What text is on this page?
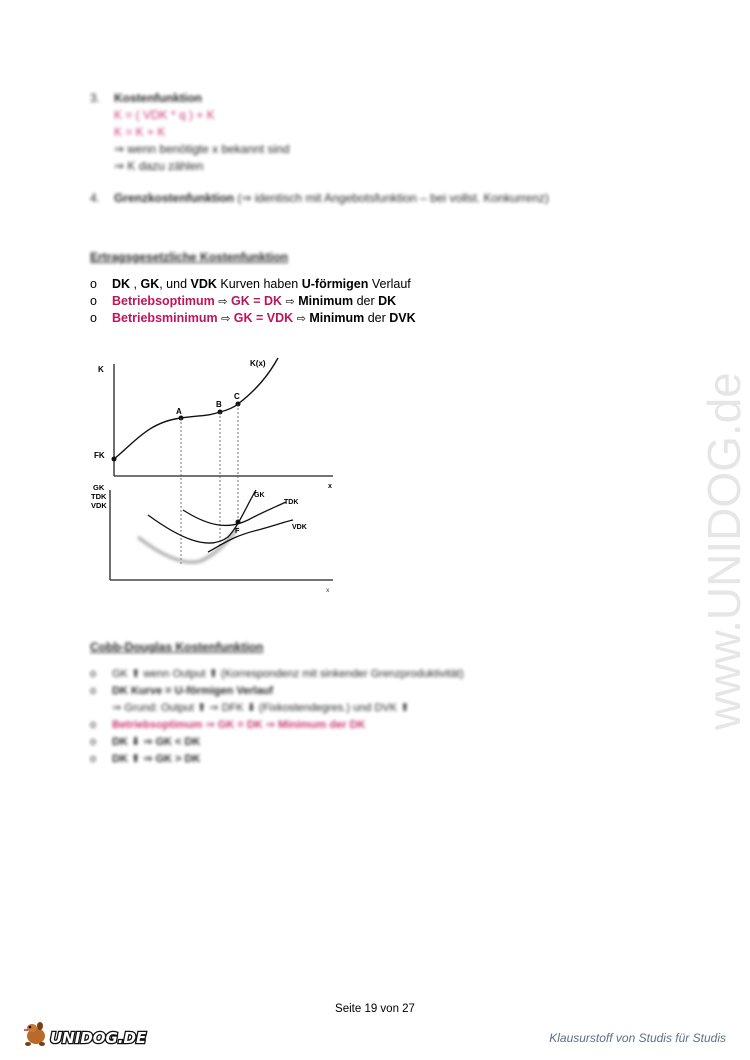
3. Kostenfunktion
K = ( VDK * q ) + K
K = K + K
⇒ wenn benötigte x bekannt sind
⇒ K dazu zählen
4. Grenzkostenfunktion (⇒ identisch mit Angebotsfunktion – bei vollst. Konkurrenz)
Ertragsgesetzliche Kostenfunktion
o DK , GK, und VDK Kurven haben U-förmigen Verlauf
o Betriebsoptimum ⇨ GK = DK ⇨ Minimum der DK
o Betriebsminimum ⇨ GK = VDK ⇨ Minimum der DVK
K
K(x)
A
B
C
FK
x
GK
TDK
VDK
GK
TDK
VDK
F
x
Cobb-Douglas Kostenfunktion
o GK ⬆ wenn Output ⬆ (Korrespondenz mit sinkender Grenzproduktivität)
o DK Kurve = U-förmigen Verlauf
⇒ Grund: Output ⬆ ⇒ DFK ⬇ (Fixkostendegres.) und DVK ⬆
o Betriebsoptimum ⇒ GK = DK ⇒ Minimum der DK
o DK ⬇ ⇒ GK < DK
o DK ⬆ ⇒ GK > DK
www.UNIDOG.de
Seite 19 von 27
UNIDOG.DE	Klausurstoff von Studis für Studis
